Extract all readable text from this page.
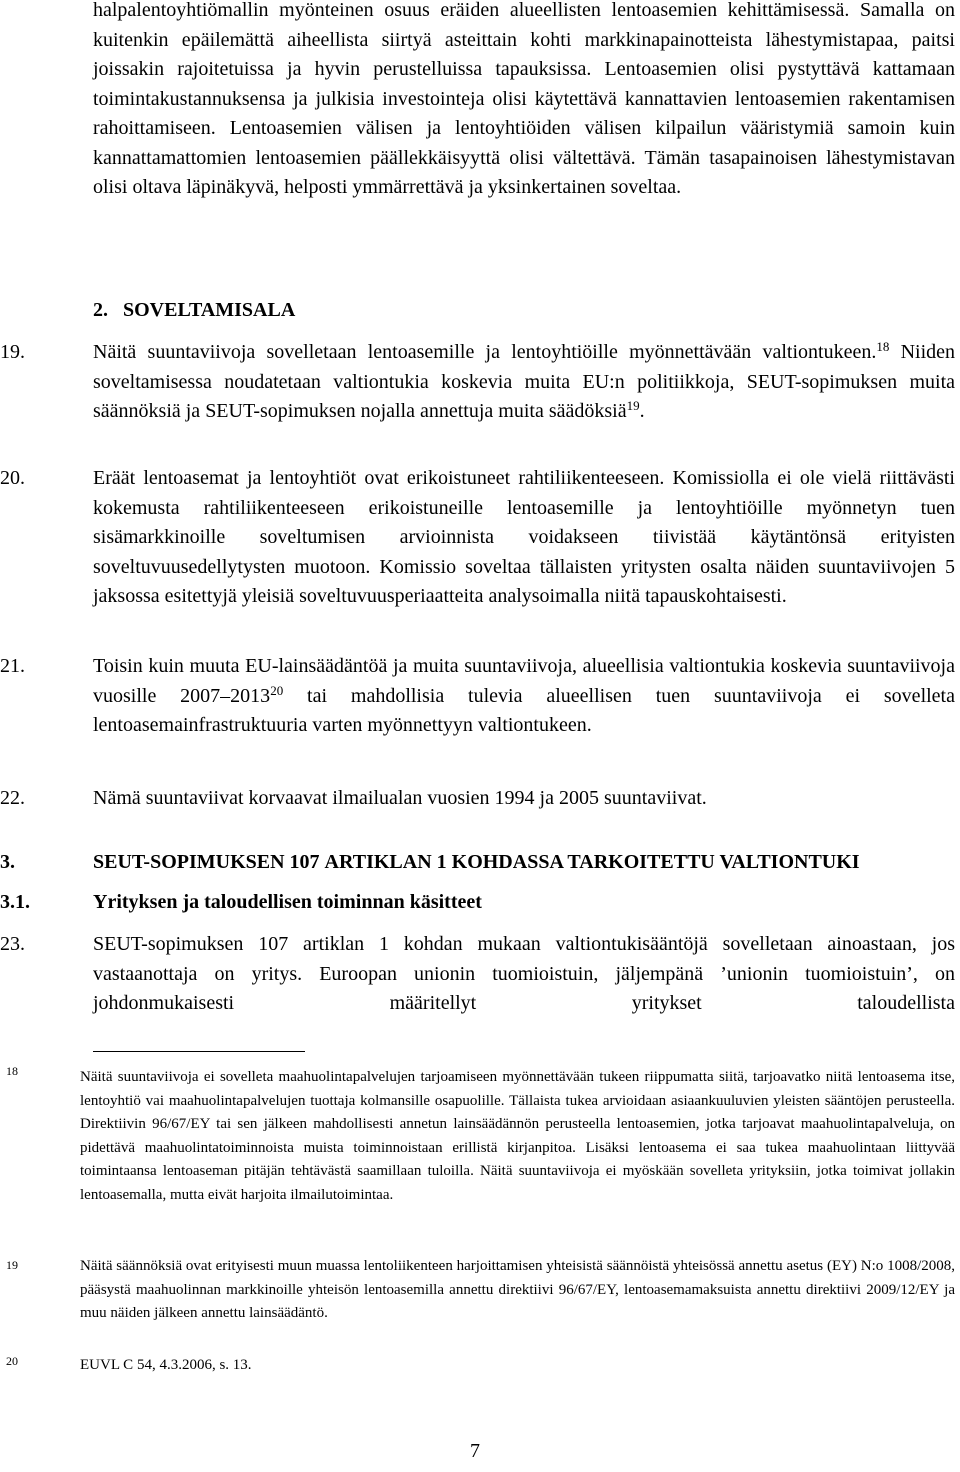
halpalentoyhtiömallin myönteinen osuus eräiden alueellisten lentoasemien kehittämisessä. Samalla on kuitenkin epäilemättä aiheellista siirtyä asteittain kohti markkinapainotteista lähestymistapaa, paitsi joissakin rajoitetuissa ja hyvin perustelluissa tapauksissa. Lentoasemien olisi pystyttävä kattamaan toimintakustannuksensa ja julkisia investointeja olisi käytettävä kannattavien lentoasemien rakentamisen rahoittamiseen. Lentoasemien välisen ja lentoyhtiöiden välisen kilpailun vääristymiä samoin kuin kannattamattomien lentoasemien päällekkäisyyttä olisi vältettävä. Tämän tasapainoisen lähestymistavan olisi oltava läpinäkyvä, helposti ymmärrettävä ja yksinkertainen soveltaa.
2. SOVELTAMISALA
19.	Näitä suuntaviivoja sovelletaan lentoasemille ja lentoyhtiöille myönnettävään valtiontukeen.$^{18}$ Niiden soveltamisessa noudatetaan valtiontukia koskevia muita EU:n politiikkoja, SEUT-sopimuksen muita säännöksiä ja SEUT-sopimuksen nojalla annettuja muita säädöksiä$^{19}$.
20.	Eräät lentoasemat ja lentoyhtiöt ovat erikoistuneet rahtiliikenteeseen. Komissiolla ei ole vielä riittävästi kokemusta rahtiliikenteeseen erikoistuneille lentoasemille ja lentoyhtiöille myönnetyn tuen sisämarkkinoille soveltumisen arvioinnista voidakseen tiivistää käytäntönsä erityisten soveltuvuusedellytysten muotoon. Komissio soveltaa tällaisten yritysten osalta näiden suuntaviivojen 5 jaksossa esitettyjä yleisiä soveltuvuusperiaatteita analysoimalla niitä tapauskohtaisesti.
21.	Toisin kuin muuta EU-lainsäädäntöä ja muita suuntaviivoja, alueellisia valtiontukia koskevia suuntaviivoja vuosille 2007–2013$^{20}$ tai mahdollisia tulevia alueellisen tuen suuntaviivoja ei sovelleta lentoasemainfrastruktuuria varten myönnettyyn valtiontukeen.
22.	Nämä suuntaviivat korvaavat ilmailualan vuosien 1994 ja 2005 suuntaviivat.
3.	SEUT-SOPIMUKSEN 107 ARTIKLAN 1 KOHDASSA TARKOITETTU VALTIONTUKI
3.1.	Yrityksen ja taloudellisen toiminnan käsitteet
23.	SEUT-sopimuksen 107 artiklan 1 kohdan mukaan valtiontukisääntöjä sovelletaan ainoastaan, jos vastaanottaja on yritys. Euroopan unionin tuomioistuin, jäljempänä ’unionin tuomioistuin’, on johdonmukaisesti määritellyt yritykset taloudellista
18	Näitä suuntaviivoja ei sovelleta maahuolintapalvelujen tarjoamiseen myönnettävään tukeen riippumatta siitä, tarjoavatko niitä lentoasema itse, lentoyhtiö vai maahuolintapalvelujen tuottaja kolmansille osapuolille. Tällaista tukea arvioidaan asiaankuuluvien yleisten sääntöjen perusteella. Direktiivin 96/67/EY tai sen jälkeen mahdollisesti annetun lainsäädännön perusteella lentoasemien, jotka tarjoavat maahuolintapalveluja, on pidettävä maahuolintatoiminnoista muista toiminnoistaan erillistä kirjanpitoa. Lisäksi lentoasema ei saa tukea maahuolintaan liittyvää toimintaansa lentoaseman pitäjän tehtävästä saamillaan tuloilla. Näitä suuntaviivoja ei myöskään sovelleta yrityksiin, jotka toimivat jollakin lentoasemalla, mutta eivät harjoita ilmailutoimintaa.
19	Näitä säännöksiä ovat erityisesti muun muassa lentoliikenteen harjoittamisen yhteisistä säännöistä yhteisössä annettu asetus (EY) N:o 1008/2008, pääsystä maahuolinnan markkinoille yhteisön lentoasemilla annettu direktiivi 96/67/EY, lentoasemamaksuista annettu direktiivi 2009/12/EY ja muu näiden jälkeen annettu lainsäädäntö.
20	EUVL C 54, 4.3.2006, s. 13.
7
